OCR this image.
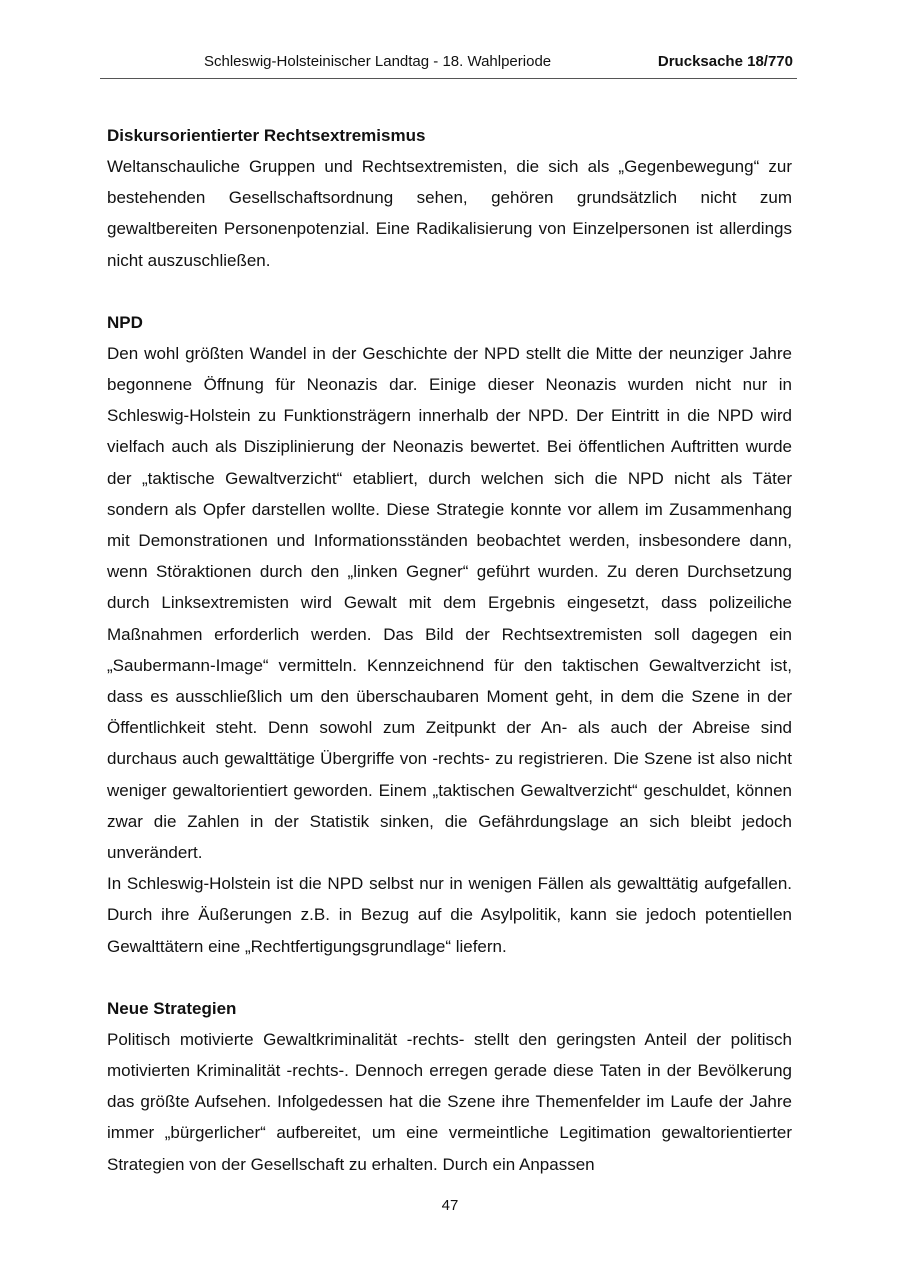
Schleswig-Holsteinischer Landtag - 18. Wahlperiode	Drucksache 18/770

Diskursorientierter Rechtsextremismus

Weltanschauliche Gruppen und Rechtsextremisten, die sich als „Gegenbewegung“ zur bestehenden Gesellschaftsordnung sehen, gehören grundsätzlich nicht zum gewaltbereiten Personenpotenzial. Eine Radikalisierung von Einzelpersonen ist allerdings nicht auszuschließen.

NPD

Den wohl größten Wandel in der Geschichte der NPD stellt die Mitte der neunziger Jahre begonnene Öffnung für Neonazis dar. Einige dieser Neonazis wurden nicht nur in Schleswig-Holstein zu Funktionsträgern innerhalb der NPD. Der Eintritt in die NPD wird vielfach auch als Disziplinierung der Neonazis bewertet. Bei öffentlichen Auftritten wurde der „taktische Gewaltverzicht“ etabliert, durch welchen sich die NPD nicht als Täter sondern als Opfer darstellen wollte. Diese Strategie konnte vor allem im Zusammenhang mit Demonstrationen und Informationsständen beobachtet werden, insbesondere dann, wenn Störaktionen durch den „linken Gegner“ geführt wurden. Zu deren Durchsetzung durch Linksextremisten wird Gewalt mit dem Ergebnis eingesetzt, dass polizeiliche Maßnahmen erforderlich werden. Das Bild der Rechtsextremisten soll dagegen ein „Saubermann-Image“ vermitteln. Kennzeichnend für den taktischen Gewaltverzicht ist, dass es ausschließlich um den überschaubaren Moment geht, in dem die Szene in der Öffentlichkeit steht. Denn sowohl zum Zeitpunkt der An- als auch der Abreise sind durchaus auch gewalttätige Übergriffe von -rechts- zu registrieren. Die Szene ist also nicht weniger gewaltorientiert geworden. Einem „taktischen Gewaltverzicht“ geschuldet, können zwar die Zahlen in der Statistik sinken, die Gefährdungslage an sich bleibt jedoch unverändert.

In Schleswig-Holstein ist die NPD selbst nur in wenigen Fällen als gewalttätig aufgefallen. Durch ihre Äußerungen z.B. in Bezug auf die Asylpolitik, kann sie jedoch potentiellen Gewalttätern eine „Rechtfertigungsgrundlage“ liefern.

Neue Strategien

Politisch motivierte Gewaltkriminalität -rechts- stellt den geringsten Anteil der politisch motivierten Kriminalität -rechts-. Dennoch erregen gerade diese Taten in der Bevölkerung das größte Aufsehen. Infolgedessen hat die Szene ihre Themenfelder im Laufe der Jahre immer „bürgerlicher“ aufbereitet, um eine vermeintliche Legitimation gewaltorientierter Strategien von der Gesellschaft zu erhalten. Durch ein Anpassen

47
